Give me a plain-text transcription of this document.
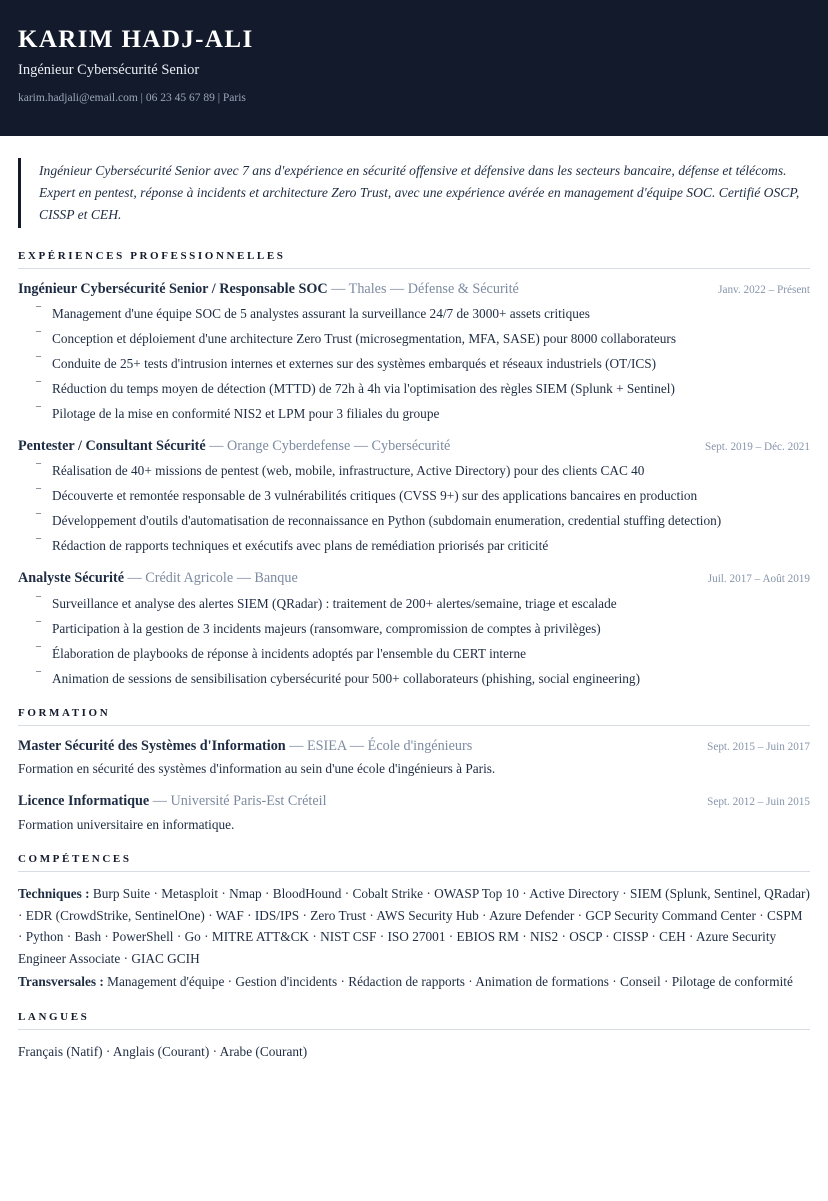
KARIM HADJ-ALI
Ingénieur Cybersécurité Senior
karim.hadjali@email.com | 06 23 45 67 89 | Paris

Ingénieur Cybersécurité Senior avec 7 ans d'expérience en sécurité offensive et défensive dans les secteurs bancaire, défense et télécoms. Expert en pentest, réponse à incidents et architecture Zero Trust, avec une expérience avérée en management d'équipe SOC. Certifié OSCP, CISSP et CEH.

EXPÉRIENCES PROFESSIONNELLES
Ingénieur Cybersécurité Senior / Responsable SOC — Thales — Défense & Sécurité	Janv. 2022 – Présent
– Management d'une équipe SOC de 5 analystes assurant la surveillance 24/7 de 3000+ assets critiques
– Conception et déploiement d'une architecture Zero Trust (microsegmentation, MFA, SASE) pour 8000 collaborateurs
– Conduite de 25+ tests d'intrusion internes et externes sur des systèmes embarqués et réseaux industriels (OT/ICS)
– Réduction du temps moyen de détection (MTTD) de 72h à 4h via l'optimisation des règles SIEM (Splunk + Sentinel)
– Pilotage de la mise en conformité NIS2 et LPM pour 3 filiales du groupe
Pentester / Consultant Sécurité — Orange Cyberdefense — Cybersécurité	Sept. 2019 – Déc. 2021
– Réalisation de 40+ missions de pentest (web, mobile, infrastructure, Active Directory) pour des clients CAC 40
– Découverte et remontée responsable de 3 vulnérabilités critiques (CVSS 9+) sur des applications bancaires en production
– Développement d'outils d'automatisation de reconnaissance en Python (subdomain enumeration, credential stuffing detection)
– Rédaction de rapports techniques et exécutifs avec plans de remédiation priorisés par criticité
Analyste Sécurité — Crédit Agricole — Banque	Juil. 2017 – Août 2019
– Surveillance et analyse des alertes SIEM (QRadar) : traitement de 200+ alertes/semaine, triage et escalade
– Participation à la gestion de 3 incidents majeurs (ransomware, compromission de comptes à privilèges)
– Élaboration de playbooks de réponse à incidents adoptés par l'ensemble du CERT interne
– Animation de sessions de sensibilisation cybersécurité pour 500+ collaborateurs (phishing, social engineering)
FORMATION
Master Sécurité des Systèmes d'Information — ESIEA — École d'ingénieurs	Sept. 2015 – Juin 2017

Formation en sécurité des systèmes d'information au sein d'une école d'ingénieurs à Paris.

Licence Informatique — Université Paris-Est Créteil	Sept. 2012 – Juin 2015

Formation universitaire en informatique.

COMPÉTENCES

Techniques : Burp Suite · Metasploit · Nmap · BloodHound · Cobalt Strike · OWASP Top 10 · Active Directory · SIEM (Splunk, Sentinel, QRadar) · EDR (CrowdStrike, SentinelOne) · WAF · IDS/IPS · Zero Trust · AWS Security Hub · Azure Defender · GCP Security Command Center · CSPM · Python · Bash · PowerShell · Go · MITRE ATT&CK · NIST CSF · ISO 27001 · EBIOS RM · NIS2 · OSCP · CISSP · CEH · Azure Security Engineer Associate · GIAC GCIH

Transversales : Management d'équipe · Gestion d'incidents · Rédaction de rapports · Animation de formations · Conseil · Pilotage de conformité

LANGUES

Français (Natif) · Anglais (Courant) · Arabe (Courant)
